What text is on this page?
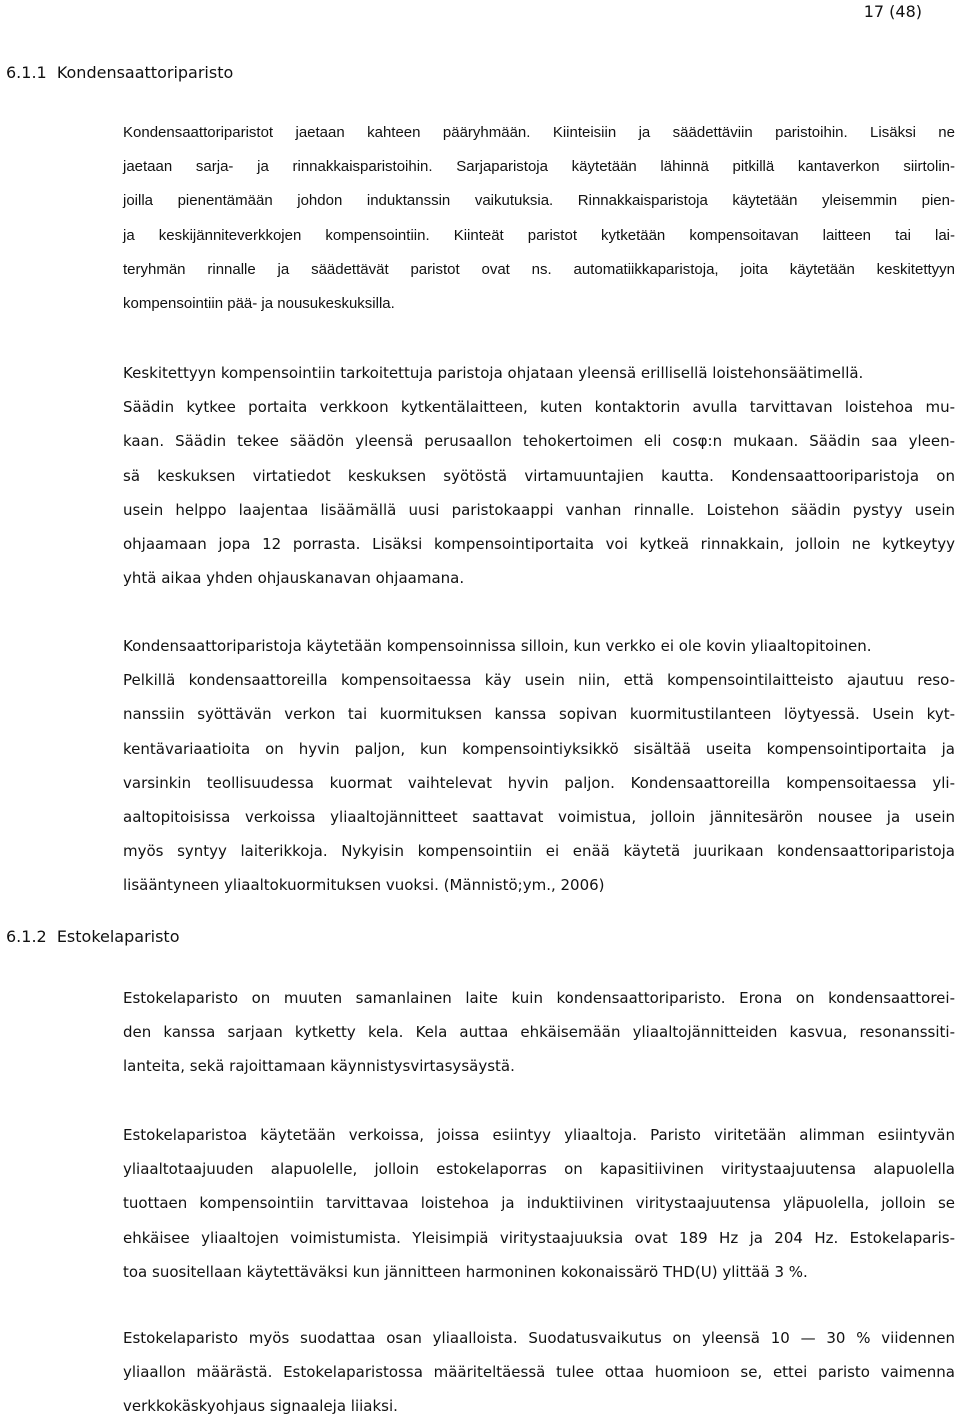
17 (48)
6.1.1 Kondensaattoriparisto
Kondensaattoriparistot jaetaan kahteen pääryhmään. Kiinteisiin ja säädettäviin paristoihin. Lisäksi ne
jaetaan sarja- ja rinnakkaisparistoihin. Sarjaparistoja käytetään lähinnä pitkillä kantaverkon siirtolin-
joilla pienentämään johdon induktanssin vaikutuksia. Rinnakkaisparistoja käytetään yleisemmin pien-
ja keskijänniteverkkojen kompensointiin. Kiinteät paristot kytketään kompensoitavan laitteen tai lai-
teryhmän rinnalle ja säädettävät paristot ovat ns. automatiikkaparistoja, joita käytetään keskitettyyn
kompensointiin pää- ja nousukeskuksilla.
Keskitettyyn kompensointiin tarkoitettuja paristoja ohjataan yleensä erillisellä loistehonsäätimellä.
Säädin kytkee portaita verkkoon kytkentälaitteen, kuten kontaktorin avulla tarvittavan loistehoa mu-
kaan. Säädin tekee säädön yleensä perusaallon tehokertoimen eli cosφ:n mukaan. Säädin saa yleen-
sä keskuksen virtatiedot keskuksen syötöstä virtamuuntajien kautta. Kondensaattooriparistoja on
usein helppo laajentaa lisäämällä uusi paristokaappi vanhan rinnalle. Loistehon säädin pystyy usein
ohjaamaan jopa 12 porrasta. Lisäksi kompensointiportaita voi kytkeä rinnakkain, jolloin ne kytkeytyy
yhtä aikaa yhden ohjauskanavan ohjaamana.
Kondensaattoriparistoja käytetään kompensoinnissa silloin, kun verkko ei ole kovin yliaaltopitoinen.
Pelkillä kondensaattoreilla kompensoitaessa käy usein niin, että kompensointilaitteisto ajautuu reso-
nanssiin syöttävän verkon tai kuormituksen kanssa sopivan kuormitustilanteen löytyessä. Usein kyt-
kentävariaatioita on hyvin paljon, kun kompensointiyksikkö sisältää useita kompensointiportaita ja
varsinkin teollisuudessa kuormat vaihtelevat hyvin paljon. Kondensaattoreilla kompensoitaessa yli-
aaltopitoisissa verkoissa yliaaltojännitteet saattavat voimistua, jolloin jännitesärön nousee ja usein
myös syntyy laiterikkoja. Nykyisin kompensointiin ei enää käytetä juurikaan kondensaattoriparistoja
lisääntyneen yliaaltokuormituksen vuoksi. (Männistö;ym., 2006)
6.1.2 Estokelaparisto
Estokelaparisto on muuten samanlainen laite kuin kondensaattoriparisto. Erona on kondensaattorei-
den kanssa sarjaan kytketty kela. Kela auttaa ehkäisemään yliaaltojännitteiden kasvua, resonanssiti-
lanteita, sekä rajoittamaan käynnistysvirtasysäystä.
Estokelaparistoa käytetään verkoissa, joissa esiintyy yliaaltoja. Paristo viritetään alimman esiintyvän
yliaaltotaajuuden alapuolelle, jolloin estokelaporras on kapasitiivinen viritystaajuutensa alapuolella
tuottaen kompensointiin tarvittavaa loistehoa ja induktiivinen viritystaajuutensa yläpuolella, jolloin se
ehkäisee yliaaltojen voimistumista. Yleisimpiä viritystaajuuksia ovat 189 Hz ja 204 Hz. Estokelaparis-
toa suositellaan käytettäväksi kun jännitteen harmoninen kokonaissärö THD(U) ylittää 3 %.
Estokelaparisto myös suodattaa osan yliaalloista. Suodatusvaikutus on yleensä 10 — 30 % viidennen
yliaallon määrästä. Estokelaparistossa määriteltäessä tulee ottaa huomioon se, ettei paristo vaimenna
verkkokäskyohjaus signaaleja liiaksi.
